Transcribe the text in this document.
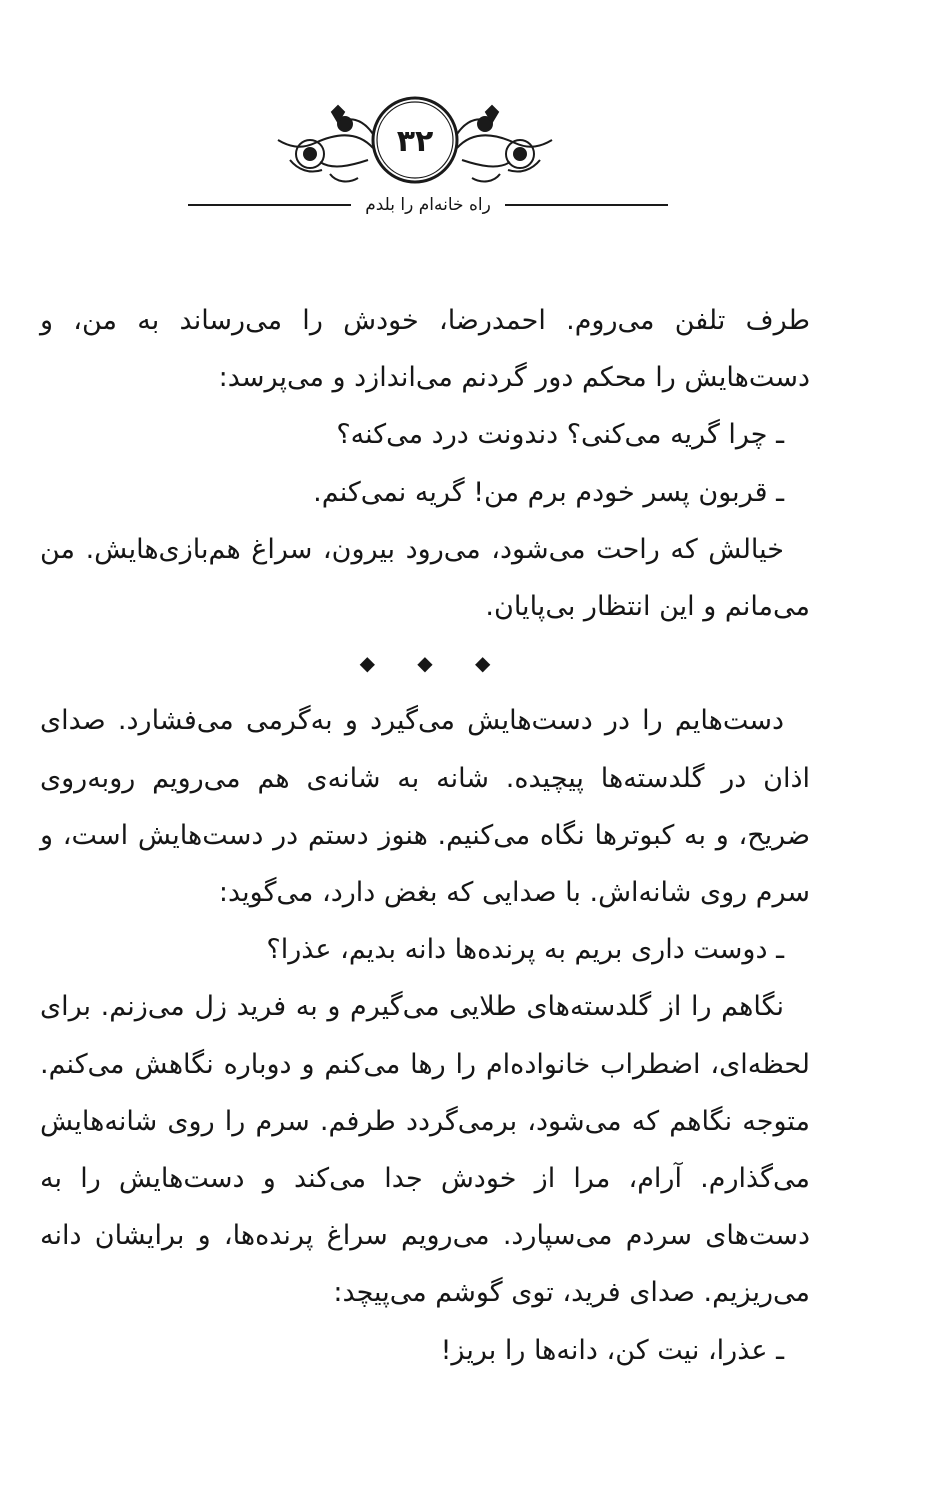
۳۲
راه خانه‌ام را بلدم

طرف تلفن می‌روم. احمدرضا، خودش را می‌رساند به من، و دست‌هایش را محکم دور گردنم می‌اندازد و می‌پرسد:

ـ چرا گریه می‌کنی؟ دندونت درد می‌کنه؟

ـ قربون پسر خودم برم من! گریه نمی‌کنم.

خیالش که راحت می‌شود، می‌رود بیرون، سراغ هم‌بازی‌هایش. من می‌مانم و این انتظار بی‌پایان.

◆ ◆ ◆

دست‌هایم را در دست‌هایش می‌گیرد و به‌گرمی می‌فشارد. صدای اذان در گلدسته‌ها پیچیده. شانه به شانه‌ی هم می‌رویم روبه‌روی ضریح، و به کبوترها نگاه می‌کنیم. هنوز دستم در دست‌هایش است، و سرم روی شانه‌اش. با صدایی که بغض دارد، می‌گوید:

ـ دوست داری بریم به پرنده‌ها دانه بدیم، عذرا؟

نگاهم را از گلدسته‌های طلایی می‌گیرم و به فرید زل می‌زنم. برای لحظه‌ای، اضطراب خانواده‌ام را رها می‌کنم و دوباره نگاهش می‌کنم. متوجه نگاهم که می‌شود، برمی‌گردد طرفم. سرم را روی شانه‌هایش می‌گذارم. آرام، مرا از خودش جدا می‌کند و دست‌هایش را به دست‌های سردم می‌سپارد. می‌رویم سراغ پرنده‌ها، و برایشان دانه می‌ریزیم. صدای فرید، توی گوشم می‌پیچد:

ـ عذرا، نیت کن، دانه‌ها را بریز!
